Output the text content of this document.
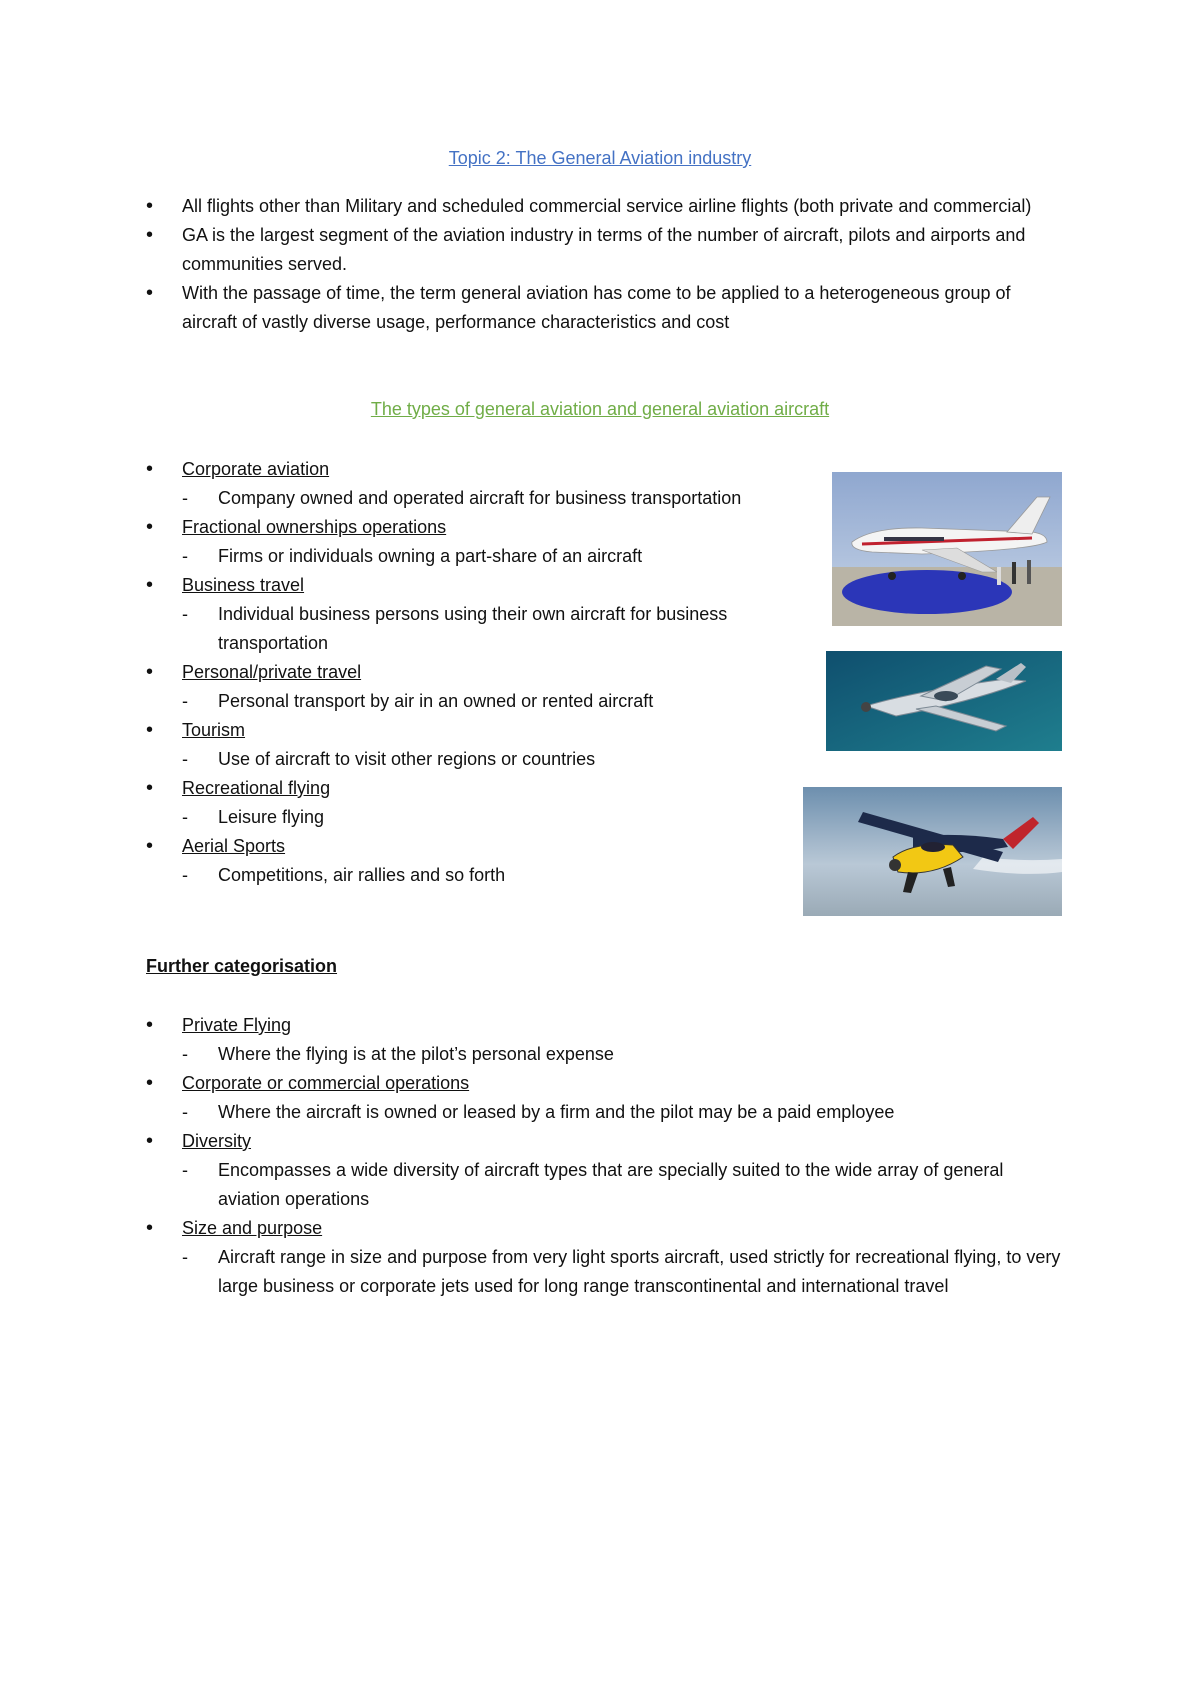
Topic 2: The General Aviation industry
• All flights other than Military and scheduled commercial service airline flights (both private and commercial)
• GA is the largest segment of the aviation industry in terms of the number of aircraft, pilots and airports and communities served.
• With the passage of time, the term general aviation has come to be applied to a heterogeneous group of aircraft of vastly diverse usage, performance characteristics and cost
The types of general aviation and general aviation aircraft
• Corporate aviation
- Company owned and operated aircraft for business transportation
• Fractional ownerships operations
- Firms or individuals owning a part-share of an aircraft
• Business travel
- Individual business persons using their own aircraft for business transportation
• Personal/private travel
- Personal transport by air in an owned or rented aircraft
• Tourism
- Use of aircraft to visit other regions or countries
• Recreational flying
- Leisure flying
• Aerial Sports
- Competitions, air rallies and so forth
Further categorisation
• Private Flying
- Where the flying is at the pilot’s personal expense
• Corporate or commercial operations
- Where the aircraft is owned or leased by a firm and the pilot may be a paid employee
• Diversity
- Encompasses a wide diversity of aircraft types that are specially suited to the wide array of general aviation operations
• Size and purpose
- Aircraft range in size and purpose from very light sports aircraft, used strictly for recreational flying, to very large business or corporate jets used for long range transcontinental and international travel
